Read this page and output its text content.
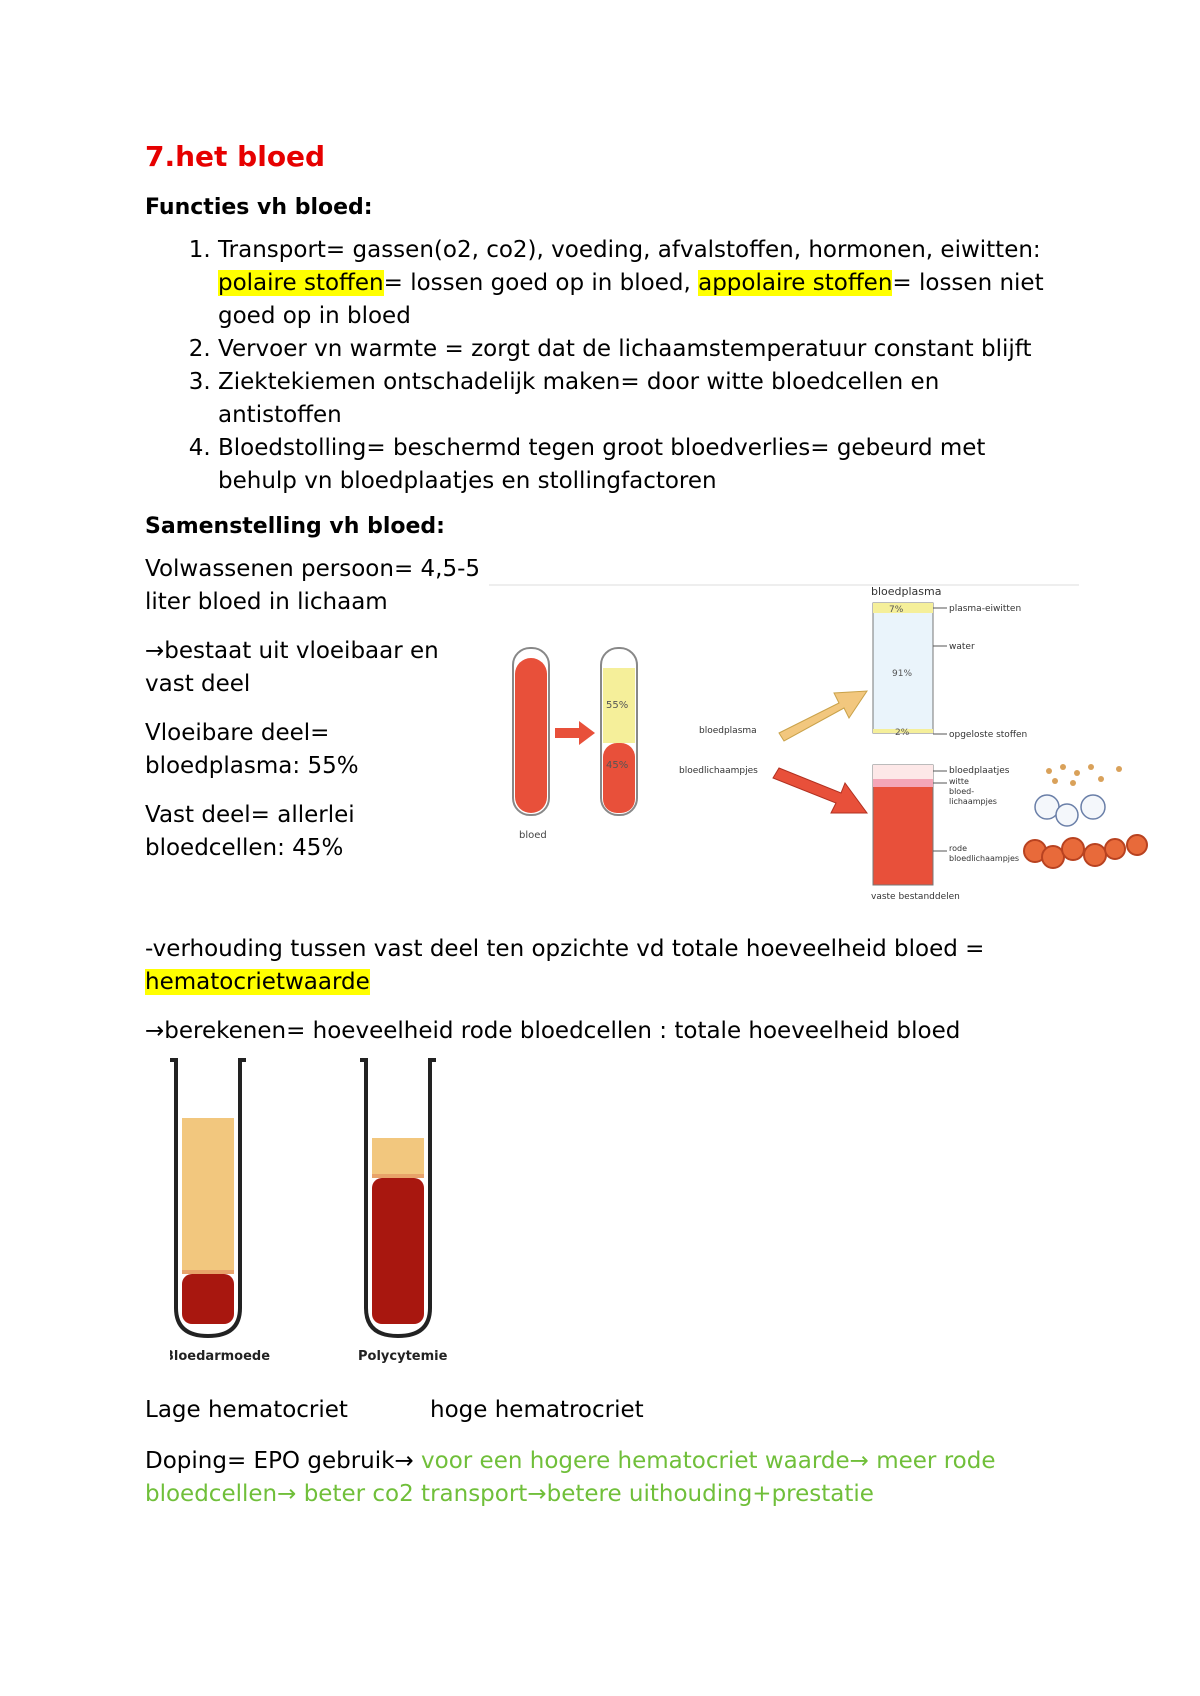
7.het bloed
Functies vh bloed:
1. Transport= gassen(o2, co2), voeding, afvalstoffen, hormonen, eiwitten: polaire stoffen= lossen goed op in bloed, appolaire stoffen= lossen niet goed op in bloed
2. Vervoer vn warmte = zorgt dat de lichaamstemperatuur constant blijft
3. Ziektekiemen ontschadelijk maken= door witte bloedcellen en antistoffen
4. Bloedstolling= beschermd tegen groot bloedverlies= gebeurd met behulp vn bloedplaatjes en stollingfactoren
Samenstelling vh bloed:

Volwassenen persoon= 4,5-5 liter bloed in lichaam

→bestaat uit vloeibaar en vast deel

Vloeibare deel= bloedplasma: 55%

Vast deel= allerlei bloedcellen: 45%	bloed
55%
45%
bloedplasma
bloedlichaampjes
bloedplasma
7%
91%
2%
plasma-eiwitten
water
opgeloste stoffen
bloedplaatjes
witte
bloed-
lichaampjes
rode
bloedlichaampjes
vaste bestanddelen

-verhouding tussen vast deel ten opzichte vd totale hoeveelheid bloed = hematocrietwaarde

→berekenen= hoeveelheid rode bloedcellen : totale hoeveelheid bloed

Bloedarmoede	Polycytemie
Lage hematocriet	hoge hematrocriet

Doping= EPO gebruik→ voor een hogere hematocriet waarde→ meer rode bloedcellen→ beter co2 transport→betere uithouding+prestatie
